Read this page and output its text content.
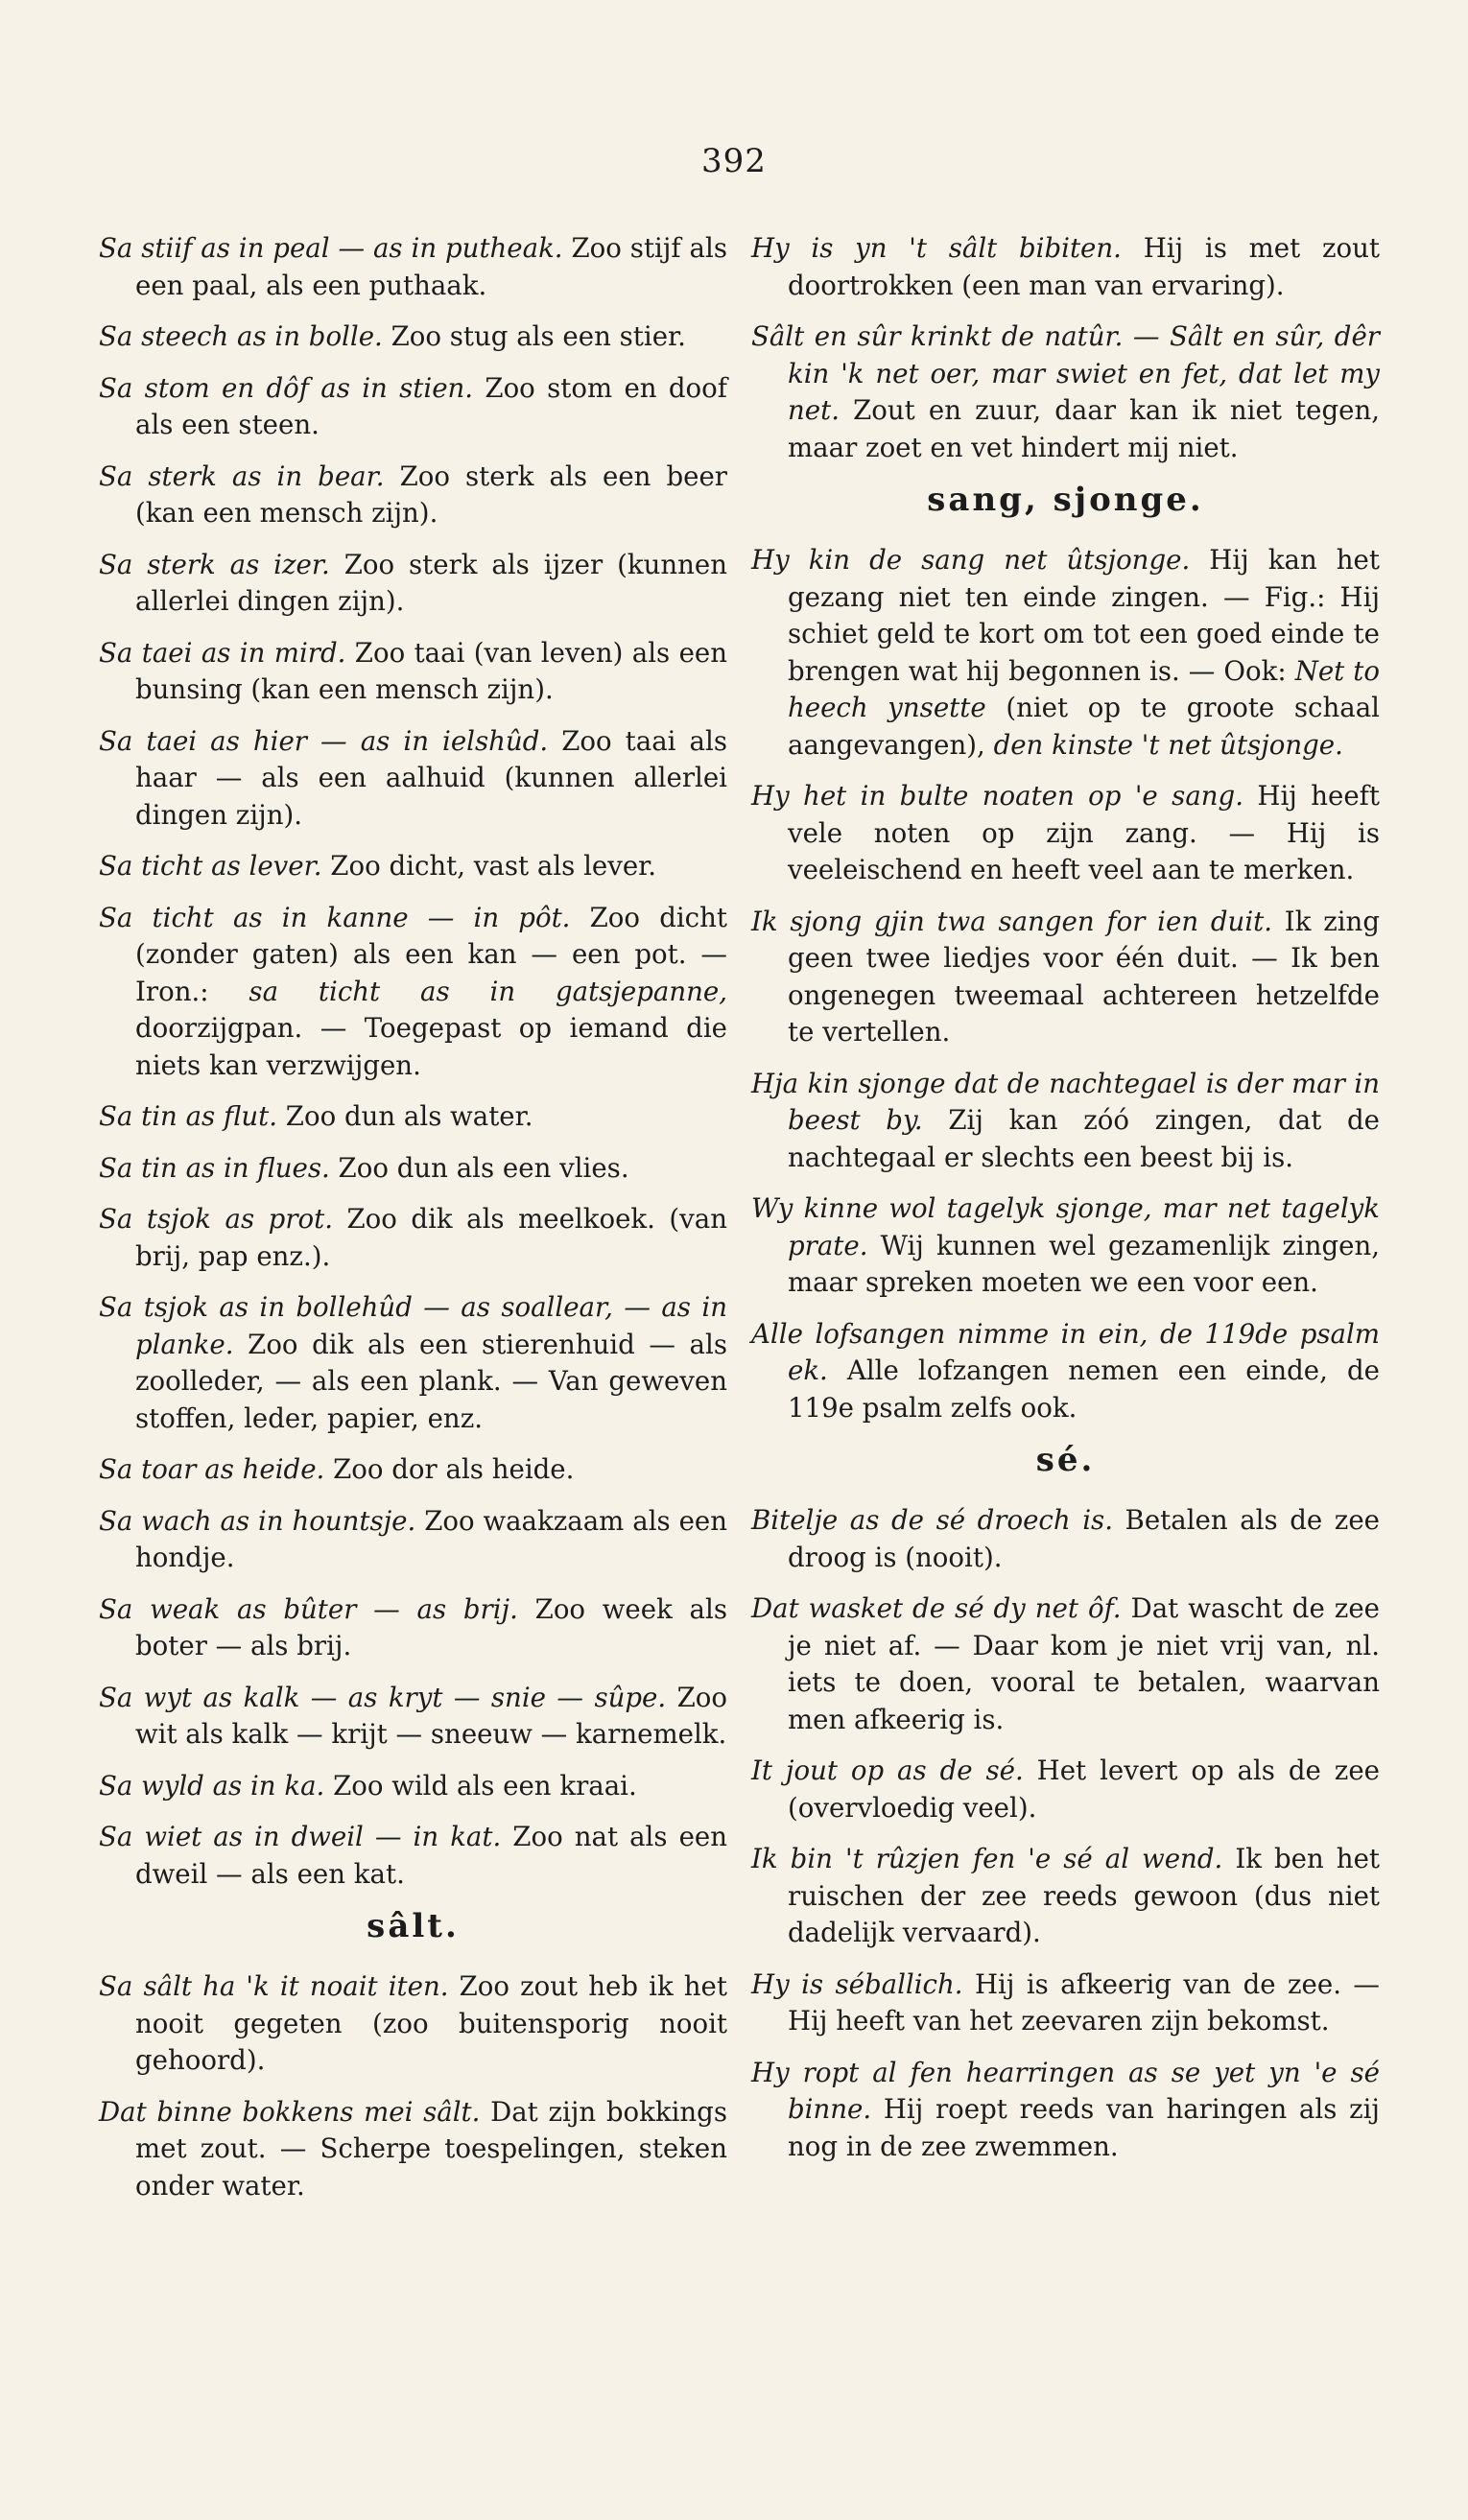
392
Sa stiif as in peal — as in putheak. Zoo stijf als een paal, als een puthaak.
Sa steech as in bolle. Zoo stug als een stier.
Sa stom en dôf as in stien. Zoo stom en doof als een steen.
Sa sterk as in bear. Zoo sterk als een beer (kan een mensch zijn).
Sa sterk as izer. Zoo sterk als ijzer (kunnen allerlei dingen zijn).
Sa taei as in mird. Zoo taai (van leven) als een bunsing (kan een mensch zijn).
Sa taei as hier — as in ielshûd. Zoo taai als haar — als een aalhuid (kunnen allerlei dingen zijn).
Sa ticht as lever. Zoo dicht, vast als lever.
Sa ticht as in kanne — in pôt. Zoo dicht (zonder gaten) als een kan — een pot. — Iron.: sa ticht as in gatsjepanne, doorzijgpan. — Toegepast op iemand die niets kan verzwijgen.
Sa tin as flut. Zoo dun als water.
Sa tin as in flues. Zoo dun als een vlies.
Sa tsjok as prot. Zoo dik als meelkoek. (van brij, pap enz.).
Sa tsjok as in bollehûd — as soallear, — as in planke. Zoo dik als een stierenhuid — als zoolleder, — als een plank. — Van geweven stoffen, leder, papier, enz.
Sa toar as heide. Zoo dor als heide.
Sa wach as in hountsje. Zoo waakzaam als een hondje.
Sa weak as bûter — as brij. Zoo week als boter — als brij.
Sa wyt as kalk — as kryt — snie — sûpe. Zoo wit als kalk — krijt — sneeuw — karnemelk.
Sa wyld as in ka. Zoo wild als een kraai.
Sa wiet as in dweil — in kat. Zoo nat als een dweil — als een kat.
sâlt.
Sa sâlt ha 'k it noait iten. Zoo zout heb ik het nooit gegeten (zoo buitensporig nooit gehoord).
Dat binne bokkens mei sâlt. Dat zijn bokkings met zout. — Scherpe toespelingen, steken onder water.
Hy is yn 't sâlt bibiten. Hij is met zout doortrokken (een man van ervaring).
Sâlt en sûr krinkt de natûr. — Sâlt en sûr, dêr kin 'k net oer, mar swiet en fet, dat let my net. Zout en zuur, daar kan ik niet tegen, maar zoet en vet hindert mij niet.
sang, sjonge.
Hy kin de sang net ûtsjonge. Hij kan het gezang niet ten einde zingen. — Fig.: Hij schiet geld te kort om tot een goed einde te brengen wat hij begonnen is. — Ook: Net to heech ynsette (niet op te groote schaal aangevangen), den kinste 't net ûtsjonge.
Hy het in bulte noaten op 'e sang. Hij heeft vele noten op zijn zang. — Hij is veeleischend en heeft veel aan te merken.
Ik sjong gjin twa sangen for ien duit. Ik zing geen twee liedjes voor één duit. — Ik ben ongenegen tweemaal achtereen hetzelfde te vertellen.
Hja kin sjonge dat de nachtegael is der mar in beest by. Zij kan zóó zingen, dat de nachtegaal er slechts een beest bij is.
Wy kinne wol tagelyk sjonge, mar net tagelyk prate. Wij kunnen wel gezamenlijk zingen, maar spreken moeten we een voor een.
Alle lofsangen nimme in ein, de 119de psalm ek. Alle lofzangen nemen een einde, de 119e psalm zelfs ook.
sé.
Bitelje as de sé droech is. Betalen als de zee droog is (nooit).
Dat wasket de sé dy net ôf. Dat wascht de zee je niet af. — Daar kom je niet vrij van, nl. iets te doen, vooral te betalen, waarvan men afkeerig is.
It jout op as de sé. Het levert op als de zee (overvloedig veel).
Ik bin 't rûzjen fen 'e sé al wend. Ik ben het ruischen der zee reeds gewoon (dus niet dadelijk vervaard).
Hy is séballich. Hij is afkeerig van de zee. — Hij heeft van het zeevaren zijn bekomst.
Hy ropt al fen hearringen as se yet yn 'e sé binne. Hij roept reeds van haringen als zij nog in de zee zwemmen.
